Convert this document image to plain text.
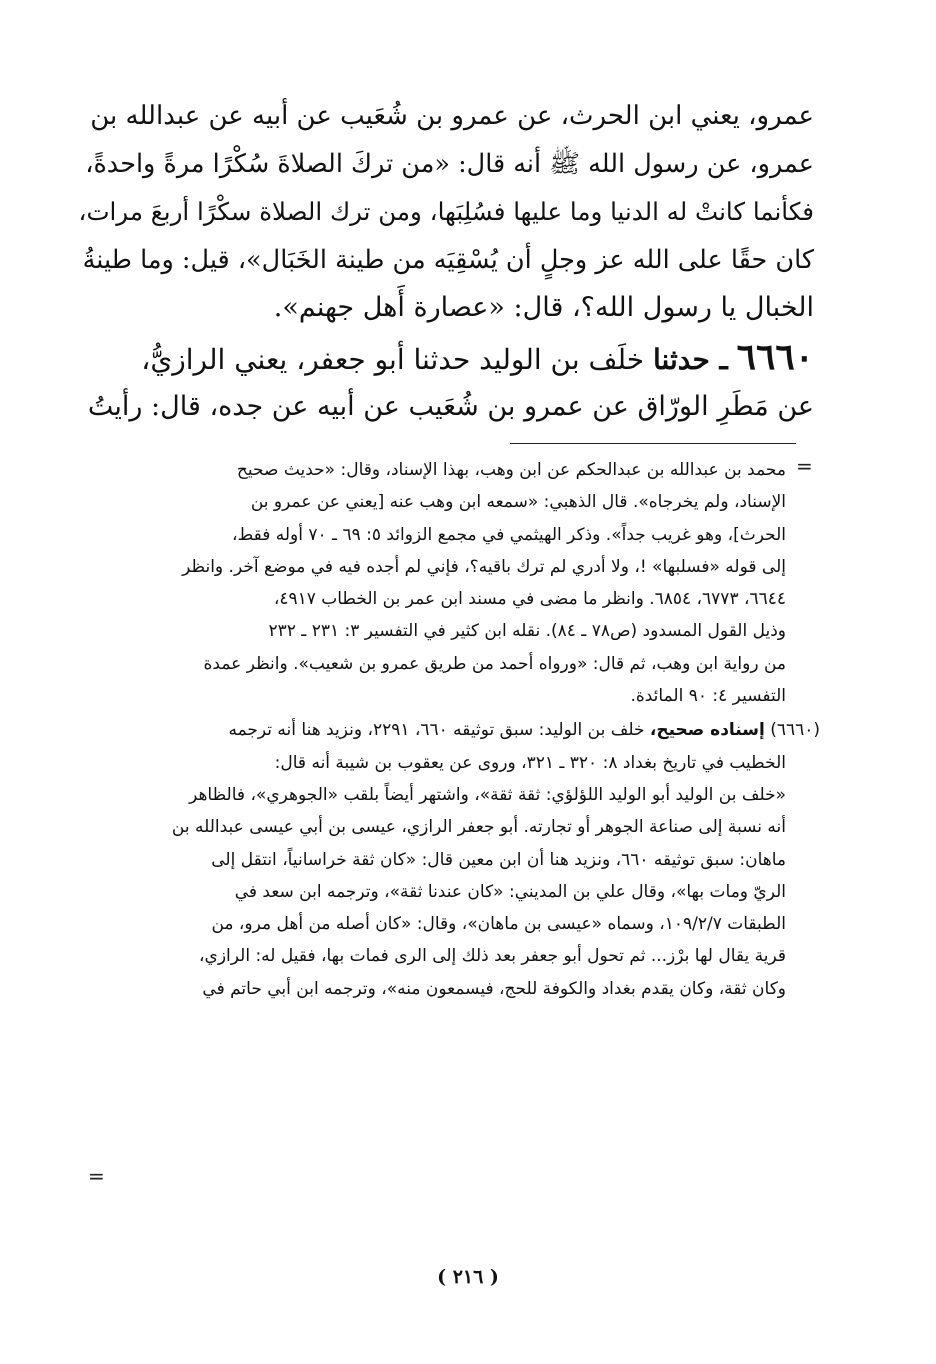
عمرو، يعني ابن الحرث، عن عمرو بن شُعَيب عن أبيه عن عبدالله بن
عمرو، عن رسول الله ﷺ أنه قال: «من تركَ الصلاةَ سُكْرًا مرةً واحدةً،
فكأنما كانتْ له الدنيا وما عليها فسُلِبَها، ومن ترك الصلاة سكْرًا أربعَ مرات،
كان حقًا على الله عز وجلٍ أن يُسْقِيَه من طينة الخَبَال»، قيل: وما طينةُ
الخبال يا رسول الله؟، قال: «عصارة أَهل جهنم».
٦٦٦٠ ـ حدثنا خلَف بن الوليد حدثنا أبو جعفر، يعني الرازيُّ،
عن مَطَرِ الورّاق عن عمرو بن شُعَيب عن أبيه عن جده، قال: رأيتُ
=
محمد بن عبدالله بن عبدالحكم عن ابن وهب، بهذا الإسناد، وقال: «حديث صحيح
الإسناد، ولم يخرجاه». قال الذهبي: «سمعه ابن وهب عنه [يعني عن عمرو بن
الحرث]، وهو غريب جداً». وذكر الهيثمي في مجمع الزوائد ٥: ٦٩ ـ ٧٠ أوله فقط،
إلى قوله «فسلبها» !، ولا أدري لم ترك باقيه؟، فإني لم أجده فيه في موضع آخر. وانظر
٦٦٤٤، ٦٧٧٣، ٦٨٥٤. وانظر ما مضى في مسند ابن عمر بن الخطاب ٤٩١٧،
وذيل القول المسدود (ص٧٨ ـ ٨٤). نقله ابن كثير في التفسير ٣: ٢٣١ ـ ٢٣٢
من رواية ابن وهب، ثم قال: «ورواه أحمد من طريق عمرو بن شعيب». وانظر عمدة
التفسير ٤: ٩٠ المائدة.
(٦٦٦٠) إسناده صحيح، خلف بن الوليد: سبق توثيقه ٦٦٠، ٢٢٩١، ونزيد هنا أنه ترجمه
الخطيب في تاريخ بغداد ٨: ٣٢٠ ـ ٣٢١، وروى عن يعقوب بن شيبة أنه قال:
«خلف بن الوليد أبو الوليد اللؤلؤي: ثقة ثقة»، واشتهر أيضاً بلقب «الجوهري»، فالظاهر
أنه نسبة إلى صناعة الجوهر أو تجارته. أبو جعفر الرازي، عيسى بن أبي عيسى عبدالله بن
ماهان: سبق توثيقه ٦٦٠، ونزيد هنا أن ابن معين قال: «كان ثقة خراسانياً، انتقل إلى
الريّ ومات بها»، وقال علي بن المديني: «كان عندنا ثقة»، وترجمه ابن سعد في
الطبقات ١٠٩/٢/٧، وسماه «عيسى بن ماهان»، وقال: «كان أصله من أهل مرو، من
قرية يقال لها برْز... ثم تحول أبو جعفر بعد ذلك إلى الرى فمات بها، فقيل له: الرازي،
وكان ثقة، وكان يقدم بغداد والكوفة للحج، فيسمعون منه»، وترجمه ابن أبي حاتم في
=
( ٢١٦ )
